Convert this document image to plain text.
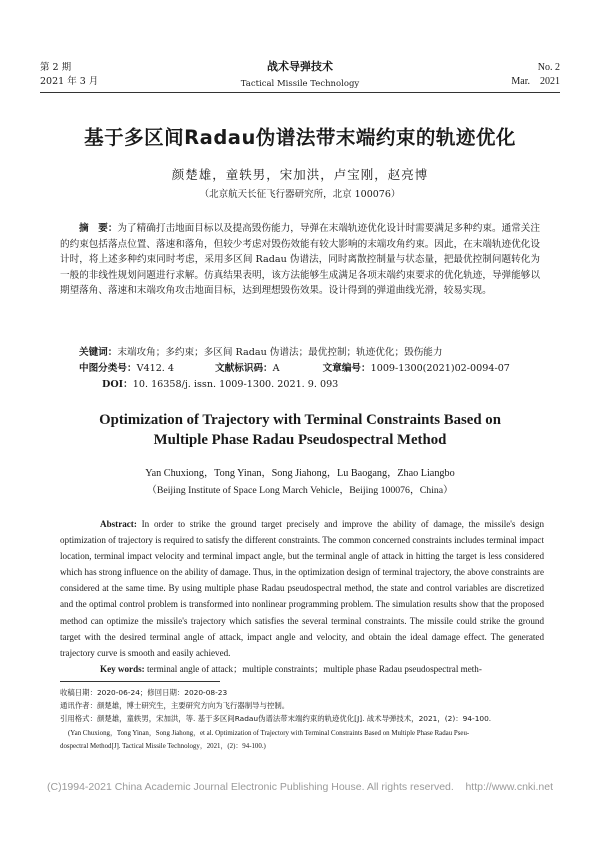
第 2 期
2021 年 3 月
战术导弹技术
Tactical Missile Technology
No. 2
Mar.    2021
基于多区间Radau伪谱法带末端约束的轨迹优化
颜楚雄，童轶男，宋加洪，卢宝刚，赵亮博
（北京航天长征飞行器研究所，北京 100076）
摘　要：为了精确打击地面目标以及提高毁伤能力，导弹在末端轨迹优化设计时需要满足多种约束。通常关注的约束包括落点位置、落速和落角，但较少考虑对毁伤效能有较大影响的末端攻角约束。因此，在末端轨迹优化设计时，将上述多种约束同时考虑，采用多区间 Radau 伪谱法，同时离散控制量与状态量，把最优控制问题转化为一般的非线性规划问题进行求解。仿真结果表明，该方法能够生成满足各项末端约束要求的优化轨迹，导弹能够以期望落角、落速和末端攻角攻击地面目标，达到理想毁伤效果。设计得到的弹道曲线光滑，较易实现。
关键词：末端攻角；多约束；多区间 Radau 伪谱法；最优控制；轨迹优化；毁伤能力
中图分类号：V412. 4	文献标识码：A	文章编号：1009-1300(2021)02-0094-07
DOI：10. 16358/j. issn. 1009-1300. 2021. 9. 093
Optimization of Trajectory with Terminal Constraints Based on
Multiple Phase Radau Pseudospectral Method
Yan Chuxiong，Tong Yinan，Song Jiahong，Lu Baogang，Zhao Liangbo
（Beijing Institute of Space Long March Vehicle，Beijing 100076，China）
Abstract: In order to strike the ground target precisely and improve the ability of damage, the missile's design optimization of trajectory is required to satisfy the different constraints. The common concerned constraints includes terminal impact location, terminal impact velocity and terminal impact angle, but the terminal angle of attack in hitting the target is less considered which has strong influence on the ability of damage. Thus, in the optimization design of terminal trajectory, the above constraints are considered at the same time. By using multiple phase Radau pseudospectral method, the state and control variables are discretized and the optimal control problem is transformed into nonlinear programming problem. The simulation results show that the proposed method can optimize the missile's trajectory which satisfies the several terminal constraints. The missile could strike the ground target with the desired terminal angle of attack, impact angle and velocity, and obtain the ideal damage effect. The generated trajectory curve is smooth and easily achieved.
Key words: terminal angle of attack；multiple constraints；multiple phase Radau pseudospectral meth-
收稿日期：2020-06-24；修回日期：2020-08-23
通讯作者：颜楚雄，博士研究生，主要研究方向为飞行器制导与控制。
引用格式：颜楚雄，童轶男，宋加洪，等. 基于多区间Radau伪谱法带末端约束的轨迹优化[J]. 战术导弹技术，2021，(2)：94-100.
(Yan Chuxiong，Tong Yinan，Song Jiahong，et al. Optimization of Trajectory with Terminal Constraints Based on Multiple Phase Radau Pseu-
dospectral Method[J]. Tactical Missile Technology，2021，(2)：94-100.)
(C)1994-2021 China Academic Journal Electronic Publishing House. All rights reserved.    http://www.cnki.net
